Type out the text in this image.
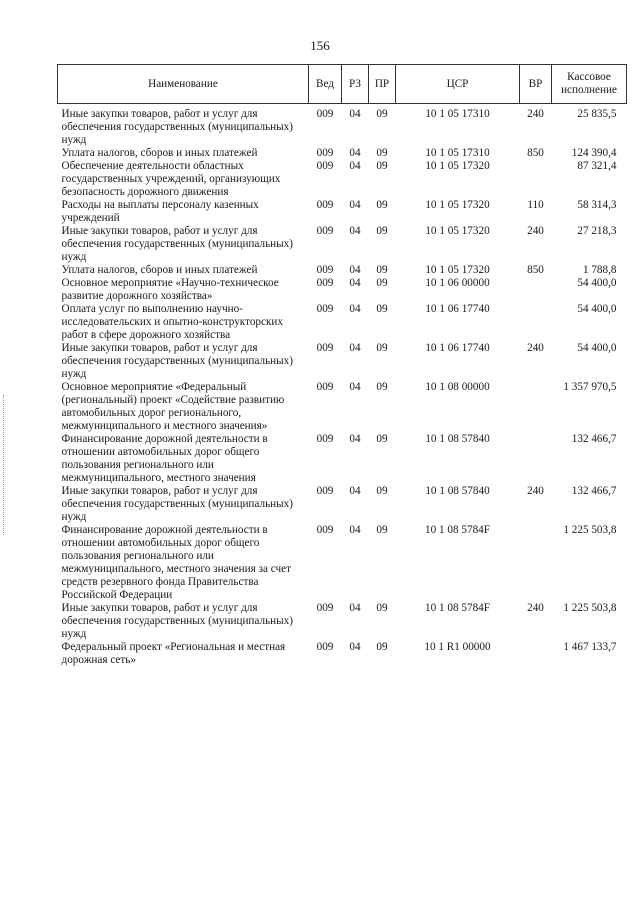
156
Наименование	Вед	РЗ	ПР	ЦСР	ВР	Кассовое исполнение
Иные закупки товаров, работ и услуг для обеспечения государственных (муниципальных) нужд	009	04	09	10 1 05 17310	240	25 835,5
Уплата налогов, сборов и иных платежей	009	04	09	10 1 05 17310	850	124 390,4
Обеспечение деятельности областных государственных учреждений, организующих безопасность дорожного движения	009	04	09	10 1 05 17320		87 321,4
Расходы на выплаты персоналу казенных учреждений	009	04	09	10 1 05 17320	110	58 314,3
Иные закупки товаров, работ и услуг для обеспечения государственных (муниципальных) нужд	009	04	09	10 1 05 17320	240	27 218,3
Уплата налогов, сборов и иных платежей	009	04	09	10 1 05 17320	850	1 788,8
Основное мероприятие «Научно-техническое развитие дорожного хозяйства»	009	04	09	10 1 06 00000		54 400,0
Оплата услуг по выполнению научно-исследовательских и опытно-конструкторских работ в сфере дорожного хозяйства	009	04	09	10 1 06 17740		54 400,0
Иные закупки товаров, работ и услуг для обеспечения государственных (муниципальных) нужд	009	04	09	10 1 06 17740	240	54 400,0
Основное мероприятие «Федеральный (региональный) проект «Содействие развитию автомобильных дорог регионального, межмуниципального и местного значения»	009	04	09	10 1 08 00000		1 357 970,5
Финансирование дорожной деятельности в отношении автомобильных дорог общего пользования регионального или межмуниципального, местного значения	009	04	09	10 1 08 57840		132 466,7
Иные закупки товаров, работ и услуг для обеспечения государственных (муниципальных) нужд	009	04	09	10 1 08 57840	240	132 466,7
Финансирование дорожной деятельности в отношении автомобильных дорог общего пользования регионального или межмуниципального, местного значения за счет средств резервного фонда Правительства Российской Федерации	009	04	09	10 1 08 5784F		1 225 503,8
Иные закупки товаров, работ и услуг для обеспечения государственных (муниципальных) нужд	009	04	09	10 1 08 5784F	240	1 225 503,8
Федеральный проект «Региональная и местная дорожная сеть»	009	04	09	10 1 R1 00000		1 467 133,7
